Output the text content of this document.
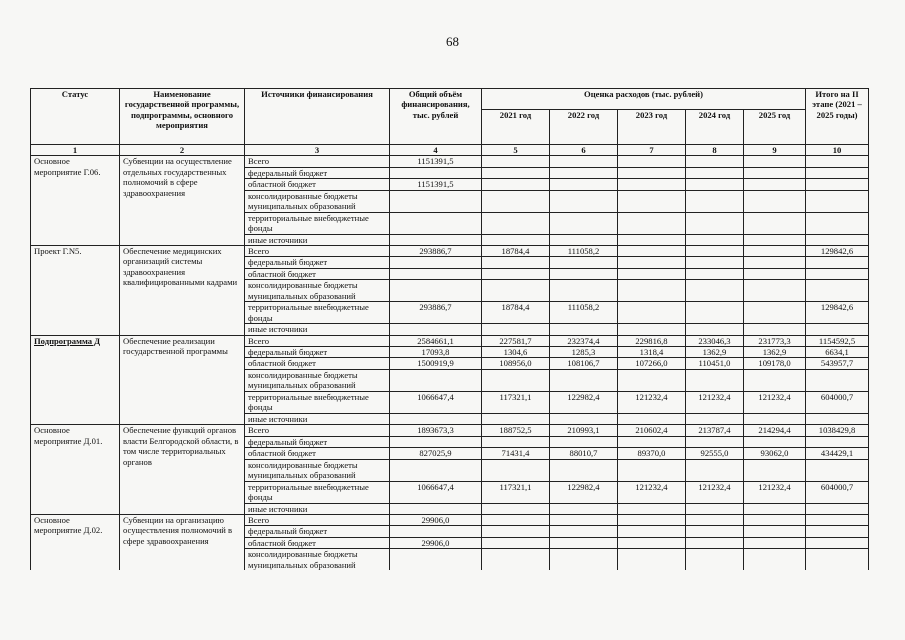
68
Статус	Наименование государственной программы, подпрограммы, основного мероприятия	Источники финансирования	Общий объём финансирования, тыс. рублей	Оценка расходов (тыс. рублей)					Итого на II этапе (2021 – 2025 годы)
				2021 год	2022 год	2023 год	2024 год	2025 год	
1	2	3	4	5	6	7	8	9	10
Основное мероприятие Г.06.	Субвенции на осуществление отдельных государственных полномочий в сфере здравоохранения	Всего	1151391,5						
		федеральный бюджет							
		областной бюджет	1151391,5						
		консолидированные бюджеты муниципальных образований							
		территориальные внебюджетные фонды							
		иные источники							
Проект Г.N5.	Обеспечение медицинских организаций системы здравоохранения квалифицированными кадрами	Всего	293886,7	18784,4	111058,2				129842,6
		федеральный бюджет							
		областной бюджет							
		консолидированные бюджеты муниципальных образований							
		территориальные внебюджетные фонды	293886,7	18784,4	111058,2				129842,6
		иные источники							
Подпрограмма Д	Обеспечение реализации государственной программы	Всего	2584661,1	227581,7	232374,4	229816,8	233046,3	231773,3	1154592,5
		федеральный бюджет	17093,8	1304,6	1285,3	1318,4	1362,9	1362,9	6634,1
		областной бюджет	1500919,9	108956,0	108106,7	107266,0	110451,0	109178,0	543957,7
		консолидированные бюджеты муниципальных образований							
		территориальные внебюджетные фонды	1066647,4	117321,1	122982,4	121232,4	121232,4	121232,4	604000,7
		иные источники							
Основное мероприятие Д.01.	Обеспечение функций органов власти Белгородской области, в том числе территориальных органов	Всего	1893673,3	188752,5	210993,1	210602,4	213787,4	214294,4	1038429,8
		федеральный бюджет							
		областной бюджет	827025,9	71431,4	88010,7	89370,0	92555,0	93062,0	434429,1
		консолидированные бюджеты муниципальных образований							
		территориальные внебюджетные фонды	1066647,4	117321,1	122982,4	121232,4	121232,4	121232,4	604000,7
		иные источники							
Основное мероприятие Д.02.	Субвенции на организацию осуществления полномочий в сфере здравоохранения	Всего	29906,0						
		федеральный бюджет							
		областной бюджет	29906,0						
		консолидированные бюджеты муниципальных образований							
